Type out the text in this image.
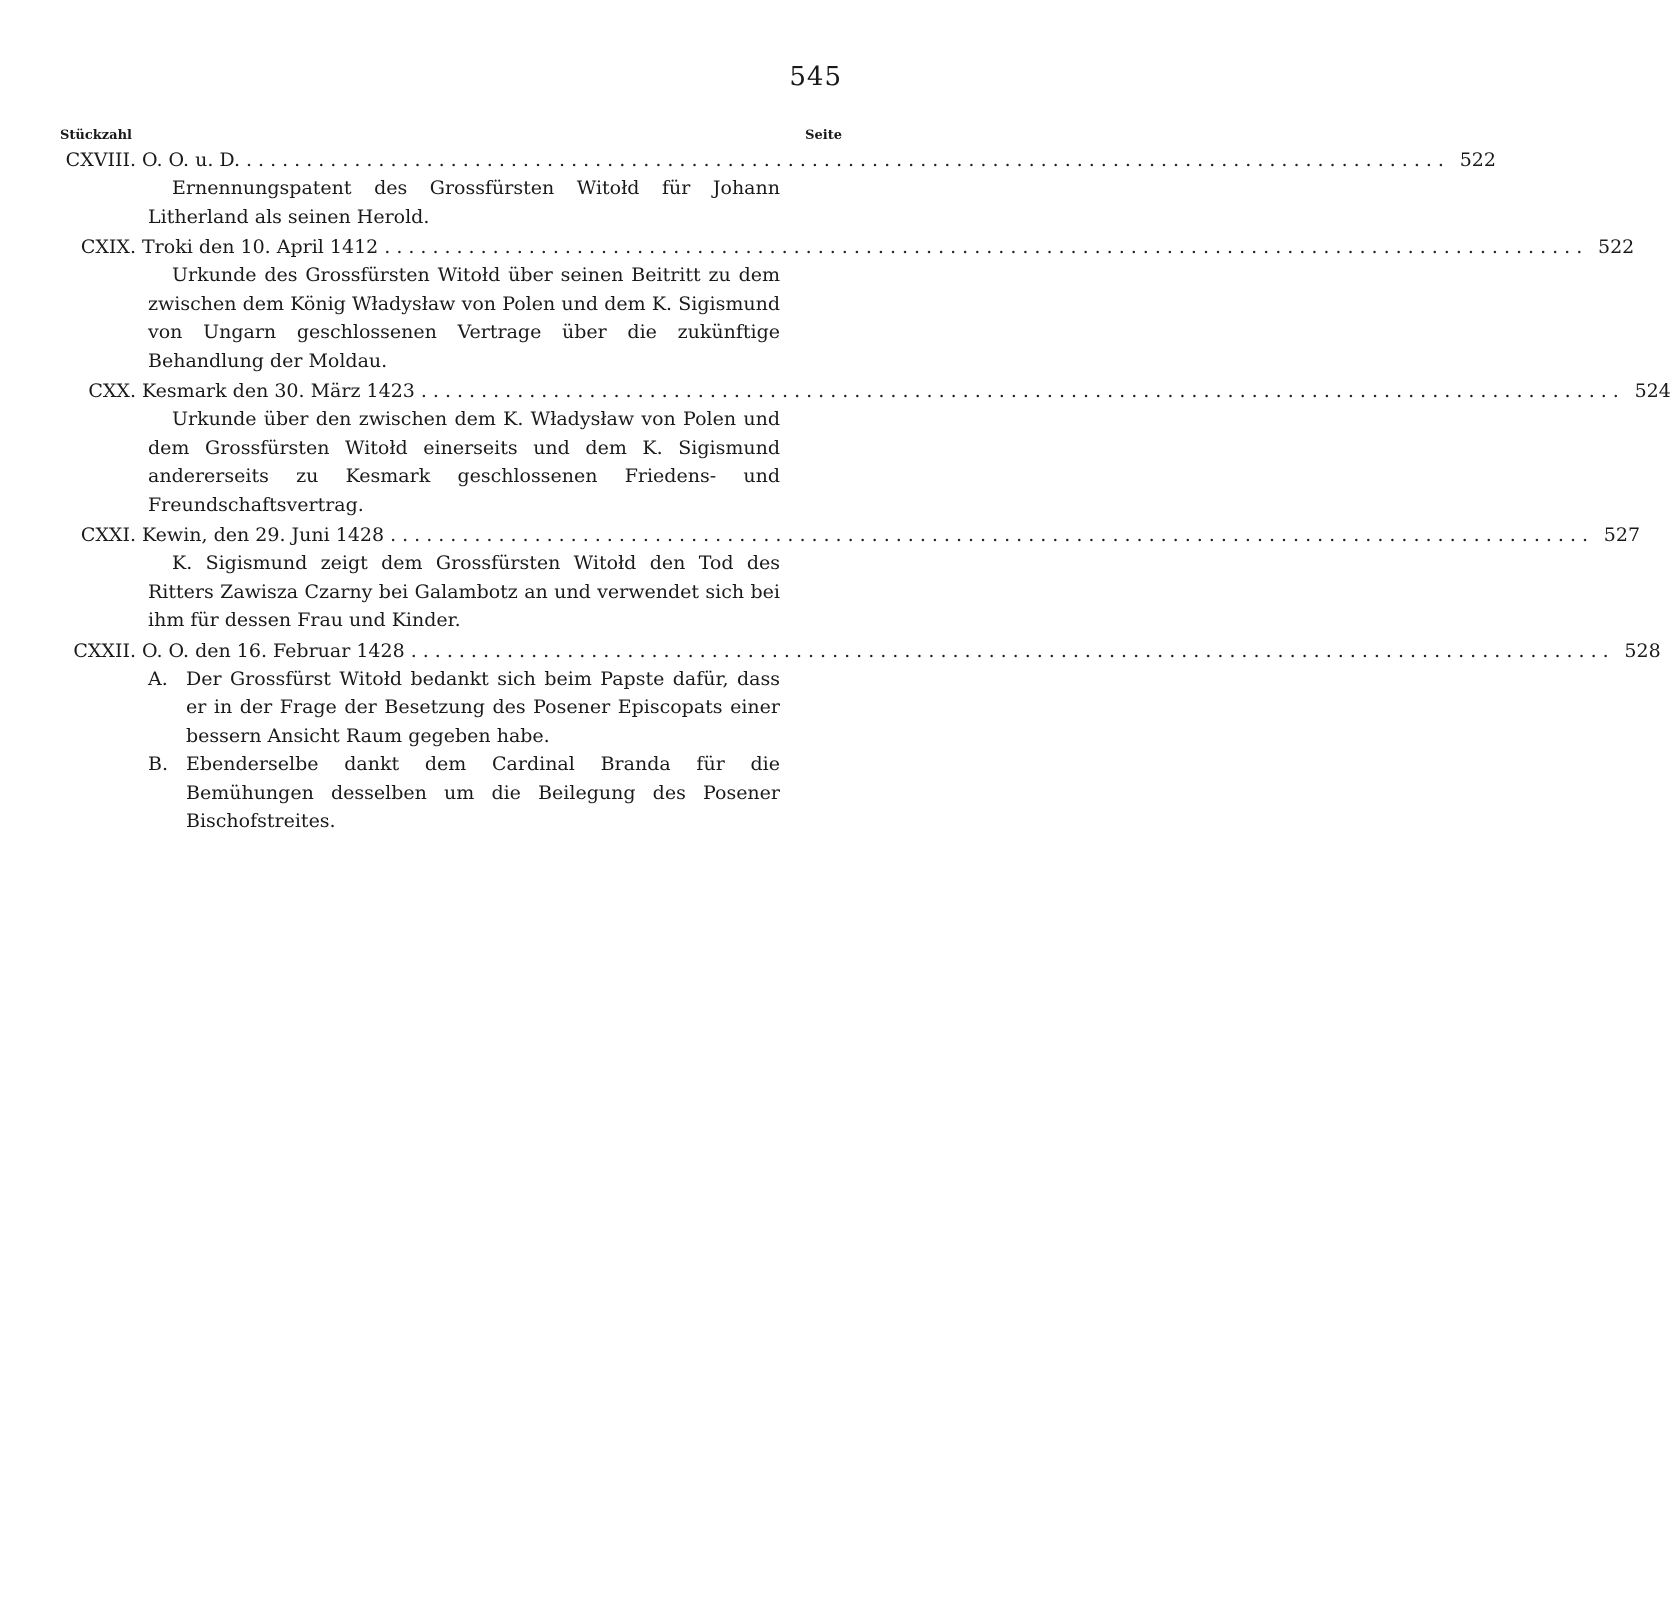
545
Stückzahl	Seite
CXVIII. O. O. u. D. .................................................................................................... 522
Ernennungspatent des Grossfürsten Witołd für Johann Litherland als seinen Herold.
CXIX. Troki den 10. April 1412 .................................................................................................... 522
Urkunde des Grossfürsten Witołd über seinen Beitritt zu dem zwischen dem König Władysław von Polen und dem K. Sigismund von Ungarn geschlossenen Vertrage über die zukünftige Behandlung der Moldau.
CXX. Kesmark den 30. März 1423 .................................................................................................... 524
Urkunde über den zwischen dem K. Władysław von Polen und dem Grossfürsten Witołd einerseits und dem K. Sigismund andererseits zu Kesmark geschlossenen Friedens- und Freundschaftsvertrag.
CXXI. Kewin, den 29. Juni 1428 .................................................................................................... 527
K. Sigismund zeigt dem Grossfürsten Witołd den Tod des Ritters Zawisza Czarny bei Galambotz an und verwendet sich bei ihm für dessen Frau und Kinder.
CXXII. O. O. den 16. Februar 1428 .................................................................................................... 528
A. Der Grossfürst Witołd bedankt sich beim Papste dafür, dass er in der Frage der Besetzung des Posener Episcopats einer bessern Ansicht Raum gegeben habe.
B. Ebenderselbe dankt dem Cardinal Branda für die Bemühungen desselben um die Beilegung des Posener Bischofstreites.
